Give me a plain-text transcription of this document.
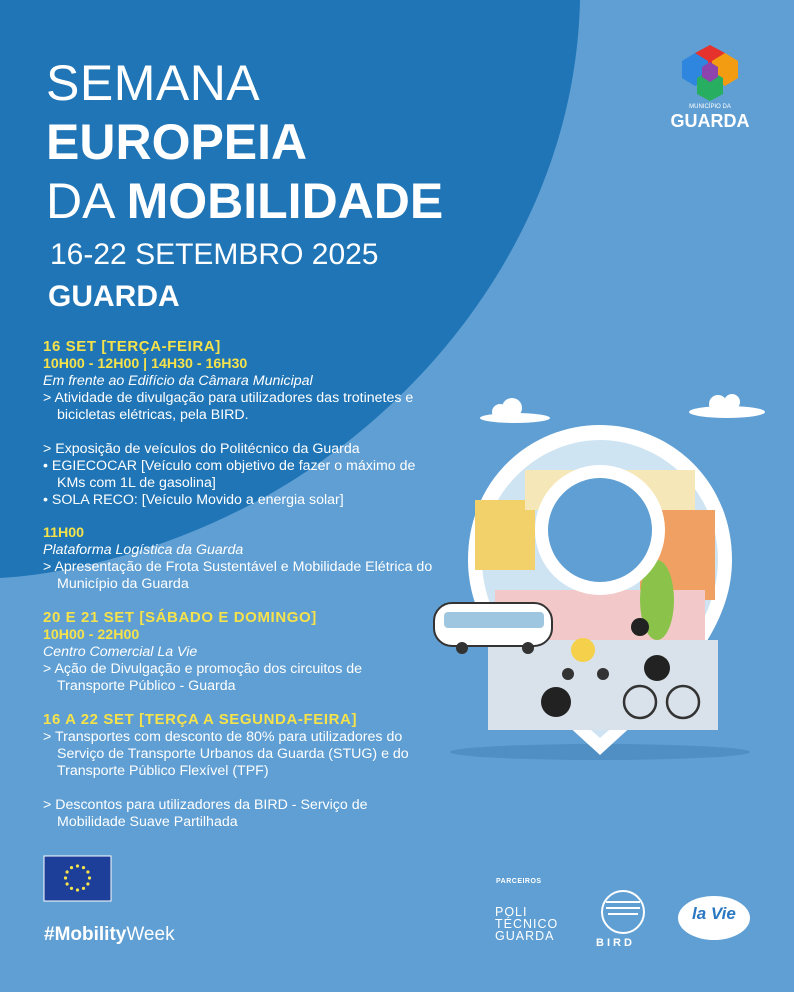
SEMANA
EUROPEIA
DA MOBILIDADE
16-22 SETEMBRO 2025
GUARDA
MUNICÍPIO DA
GUARDA
16 SET [TERÇA-FEIRA]
10H00 - 12H00 | 14H30 - 16H30
Em frente ao Edifício da Câmara Municipal
> Atividade de divulgação para utilizadores das trotinetes e bicicletas elétricas, pela BIRD.
> Exposição de veículos do Politécnico da Guarda
• EGIECOCAR [Veículo com objetivo de fazer o máximo de KMs com 1L de gasolina]
• SOLA RECO: [Veículo Movido a energia solar]
11H00
Plataforma Logística da Guarda
> Apresentação de Frota Sustentável e Mobilidade Elétrica do Município da Guarda
20 E 21 SET [SÁBADO E DOMINGO]
10H00 - 22H00
Centro Comercial La Vie
> Ação de Divulgação e promoção dos circuitos de Transporte Público - Guarda
16 A 22 SET [TERÇA A SEGUNDA-FEIRA]
> Transportes com desconto de 80% para utilizadores do Serviço de Transporte Urbanos da Guarda (STUG) e do Transporte Público Flexível (TPF)
> Descontos para utilizadores da BIRD - Serviço de Mobilidade Suave Partilhada
#MobilityWeek
PARCEIROS
POLI
TÉCNICO
GUARDA	BIRD
la Vie
